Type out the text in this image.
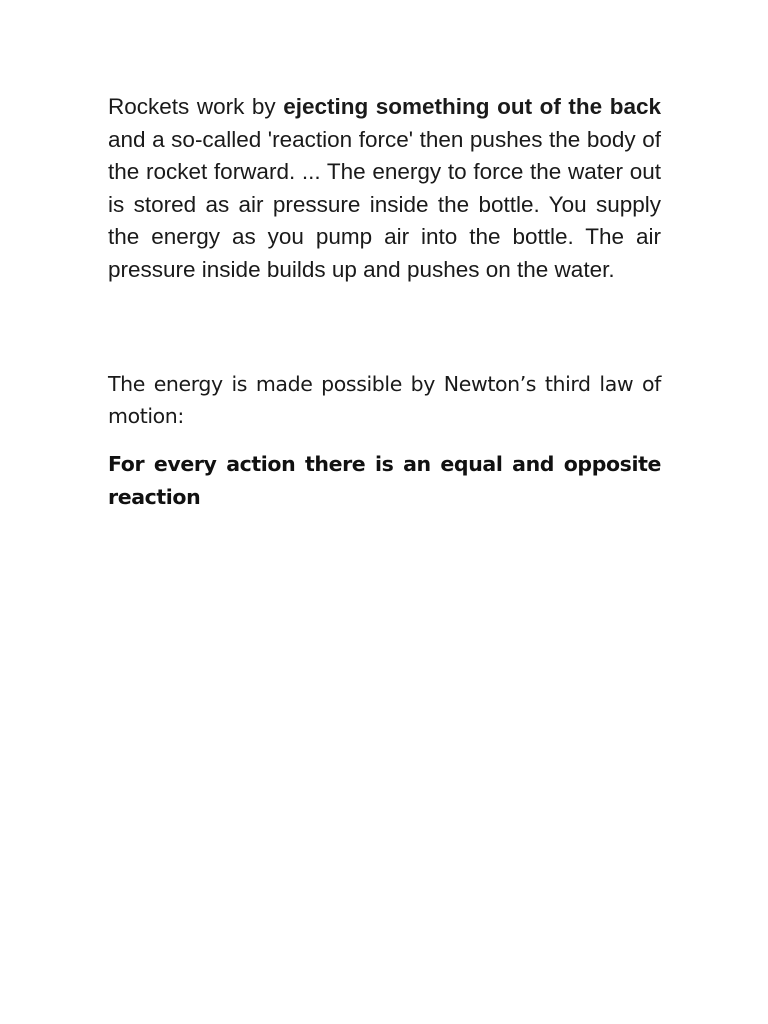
Rockets work by ejecting something out of the back and a so-called 'reaction force' then pushes the body of the rocket forward. ... The energy to force the water out is stored as air pressure inside the bottle. You supply the energy as you pump air into the bottle. The air pressure inside builds up and pushes on the water.

The energy is made possible by Newton’s third law of motion:

For every action there is an equal and opposite reaction
